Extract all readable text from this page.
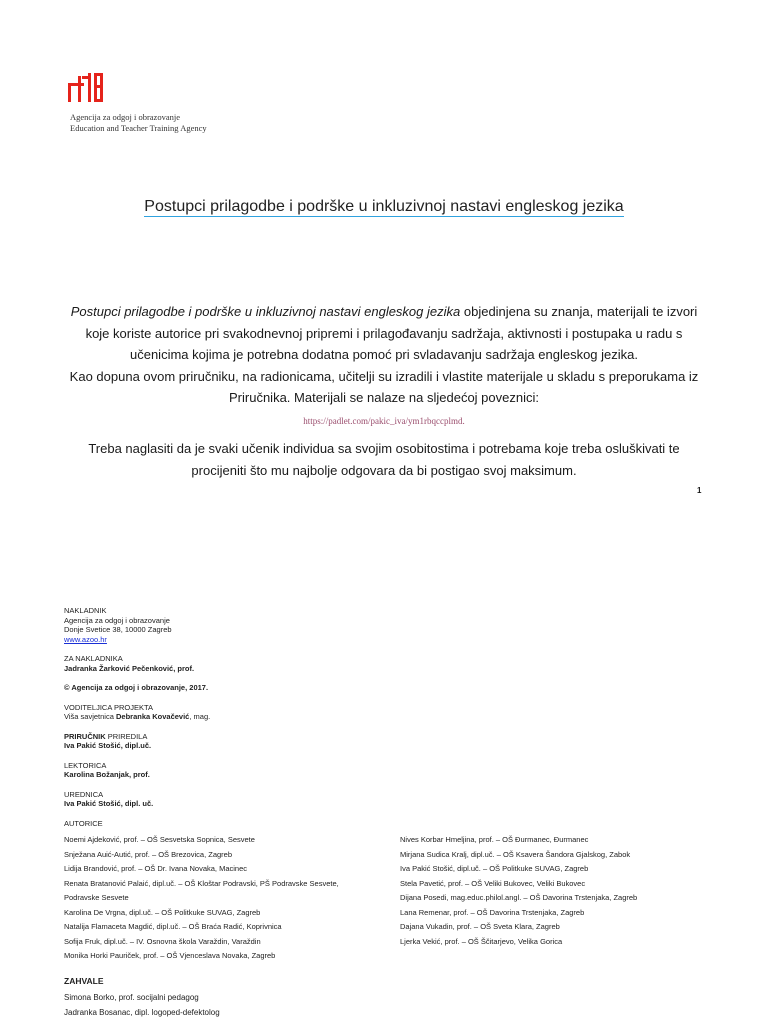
Agencija za odgoj i obrazovanje
Education and Teacher Training Agency
Postupci prilagodbe i podrške u inkluzivnoj nastavi engleskog jezika
Postupci prilagodbe i podrške u inkluzivnoj nastavi engleskog jezika objedinjena su znanja, materijali te izvori koje koriste autorice pri svakodnevnoj pripremi i prilagođavanju sadržaja, aktivnosti i postupaka u radu s učenicima kojima je potrebna dodatna pomoć pri svladavanju sadržaja engleskog jezika.
Kao dopuna ovom priručniku, na radionicama, učitelji su izradili i vlastite materijale u skladu s preporukama iz Priručnika. Materijali se nalaze na sljedećoj poveznici:
https://padlet.com/pakic_iva/ym1rbqccplmd.
Treba naglasiti da je svaki učenik individua sa svojim osobitostima i potrebama koje treba osluškivati te procijeniti što mu najbolje odgovara da bi postigao svoj maksimum.
1
NAKLADNIK
Agencija za odgoj i obrazovanje
Donje Svetice 38, 10000 Zagreb
www.azoo.hr
ZA NAKLADNIKA
Jadranka Žarković Pečenković, prof.
© Agencija za odgoj i obrazovanje, 2017.
VODITELJICA PROJEKTA
Viša savjetnica Debranka Kovačević, mag.
PRIRUČNIK PRIREDILA
Iva Pakić Stošić, dipl.uč.
LEKTORICA
Karolina Božanjak, prof.
UREDNICA
Iva Pakić Stošić, dipl. uč.
AUTORICE
Noemi Ajdeković, prof. – OŠ Sesvetska Sopnica, Sesvete
Snježana Auić-Autić, prof. – OŠ Brezovica, Zagreb
Lidija Brandović, prof. – OŠ Dr. Ivana Novaka, Macinec
Renata Bratanović Palaić, dipl.uč. – OŠ Kloštar Podravski, PŠ Podravske Sesvete,
Podravske Sesvete
Karolina De Vrgna, dipl.uč. – OŠ Politkuke SUVAG, Zagreb
Natalija Flamaceta Magdić, dipl.uč. – OŠ Braća Radić, Koprivnica
Sofija Fruk, dipl.uč. – IV. Osnovna škola Varaždin, Varaždin
Monika Horki Pauriček, prof. – OŠ Vjenceslava Novaka, Zagreb
Nives Korbar Hmeljina, prof. – OŠ Đurmanec, Đurmanec
Mirjana Sudica Kralj, dipl.uč. – OŠ Ksavera Šandora Gjalskog, Zabok
Iva Pakić Stošić, dipl.uč. – OŠ Politkuke SUVAG, Zagreb
Stela Pavetić, prof. – OŠ Veliki Bukovec, Veliki Bukovec
Dijana Posedi, mag.educ.philol.angl. – OŠ Davorina Trstenjaka, Zagreb
Lana Remenar, prof. – OŠ Davorina Trstenjaka, Zagreb
Dajana Vukadin, prof. – OŠ Sveta Klara, Zagreb
Ljerka Vekić, prof. – OŠ Ščitarjevo, Velika Gorica
ZAHVALE
Simona Borko, prof. socijalni pedagog
Jadranka Bosanac, dipl. logoped-defektolog
